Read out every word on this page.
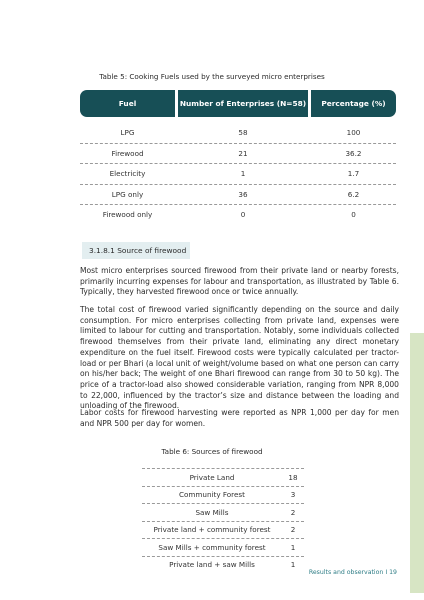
Table 5: Cooking Fuels used by the surveyed micro enterprises
Fuel	Number of Enterprises (N=58)	Percentage (%)
LPG	58	100
Firewood	21	36.2
Electricity	1	1.7
LPG only	36	6.2
Firewood only	0	0
3.1.8.1 Source of firewood
Most micro enterprises sourced firewood from their private land or nearby forests, primarily incurring expenses for labour and transportation, as illustrated by Table 6. Typically, they harvested firewood once or twice annually.
The total cost of firewood varied significantly depending on the source and daily consumption. For micro enterprises collecting from private land, expenses were limited to labour for cutting and transportation. Notably, some individuals collected firewood themselves from their private land, eliminating any direct monetary expenditure on the fuel itself. Firewood costs were typically calculated per tractor-load or per Bhari (a local unit of weight/volume based on what one person can carry on his/her back; The weight of one Bhari firewood can range from 30 to 50 kg). The price of a tractor-load also showed considerable variation, ranging from NPR 8,000 to 22,000, influenced by the tractor’s size and distance between the loading and unloading of the firewood.
Labor costs for firewood harvesting were reported as NPR 1,000 per day for men and NPR 500 per day for women.
Table 6: Sources of firewood
Private Land	18
Community Forest	3
Saw Mills	2
Private land + community forest	2
Saw Mills + community forest	1
Private land + saw Mills	1
Results and observation I 19
